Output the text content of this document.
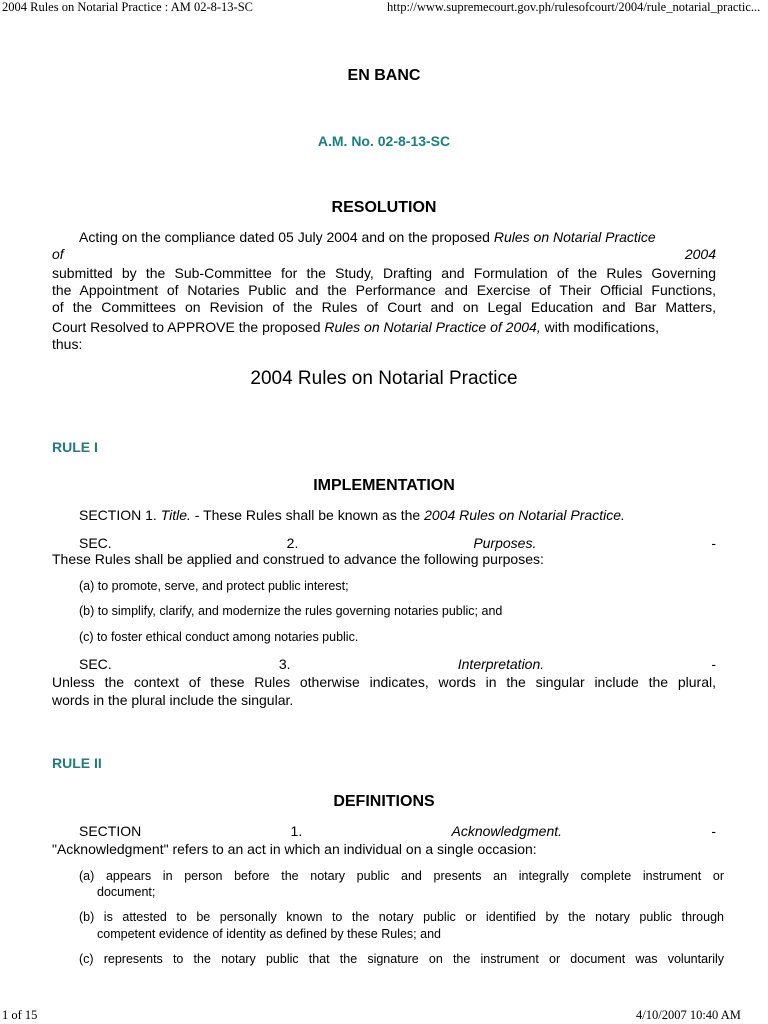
2004 Rules on Notarial Practice : AM 02-8-13-SC	http://www.supremecourt.gov.ph/rulesofcourt/2004/rule_notarial_practic...
EN BANC
A.M. No. 02-8-13-SC
RESOLUTION
Acting on the compliance dated 05 July 2004 and on the proposed Rules on Notarial Practice
of	2004
submitted by the Sub-Committee for the Study, Drafting and Formulation of the Rules Governing
the Appointment of Notaries Public and the Performance and Exercise of Their Official Functions,
of the Committees on Revision of the Rules of Court and on Legal Education and Bar Matters,
Court Resolved to APPROVE the proposed Rules on Notarial Practice of 2004, with modifications,
thus:
2004 Rules on Notarial Practice
RULE I
IMPLEMENTATION
SECTION 1. Title. - These Rules shall be known as the 2004 Rules on Notarial Practice.
SEC.	2.	Purposes.	-
These Rules shall be applied and construed to advance the following purposes:
(a) to promote, serve, and protect public interest;
(b) to simplify, clarify, and modernize the rules governing notaries public; and
(c) to foster ethical conduct among notaries public.
SEC.	3.	Interpretation.	-
Unless the context of these Rules otherwise indicates, words in the singular include the plural,
words in the plural include the singular.
RULE II
DEFINITIONS
SECTION	1.	Acknowledgment.	-
"Acknowledgment" refers to an act in which an individual on a single occasion:
(a) appears in person before the notary public and presents an integrally complete instrument or
document;
(b) is attested to be personally known to the notary public or identified by the notary public through
competent evidence of identity as defined by these Rules; and
(c) represents to the notary public that the signature on the instrument or document was voluntarily
1 of 15	4/10/2007 10:40 AM
